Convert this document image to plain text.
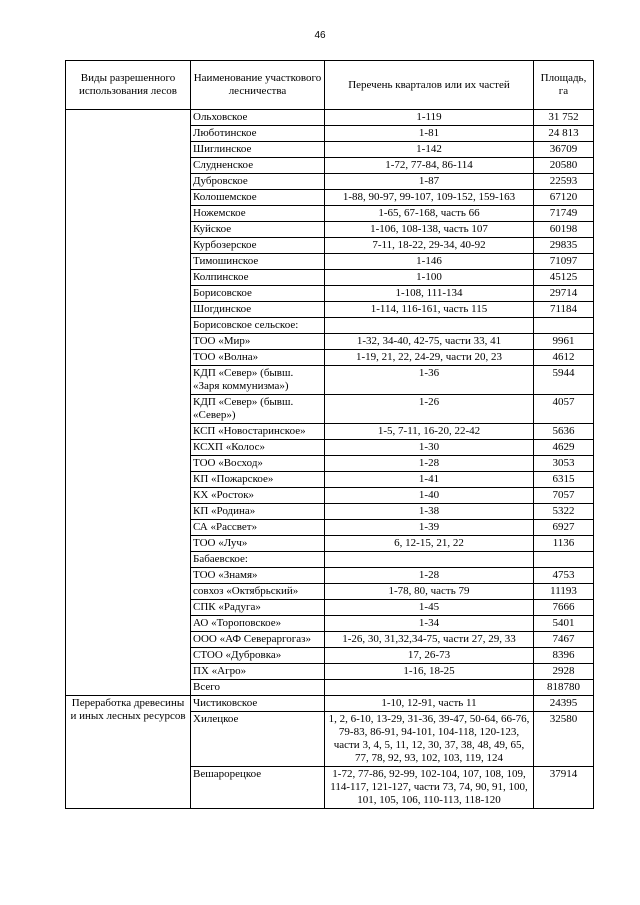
46
Виды разрешенного использования лесов	Наименование участкового лесничества	Перечень кварталов или их частей	Площадь, га
	Ольховское	1-119	31 752
	Любoтинское	1-81	24 813
	Шиглинское	1-142	36709
	Слудненское	1-72, 77-84, 86-114	20580
	Дубровское	1-87	22593
	Колошемское	1-88, 90-97, 99-107, 109-152, 159-163	67120
	Ножемское	1-65, 67-168, часть 66	71749
	Куйское	1-106, 108-138, часть 107	60198
	Курбозерское	7-11, 18-22, 29-34, 40-92	29835
	Тимошинское	1-146	71097
	Колпинское	1-100	45125
	Борисовское	1-108, 111-134	29714
	Шогдинское	1-114, 116-161, часть 115	71184
	Борисовское сельское:		
	ТОО «Мир»	1-32, 34-40, 42-75, части 33, 41	9961
	ТОО «Волна»	1-19, 21, 22, 24-29, части 20, 23	4612
	КДП «Север» (бывш. «Заря коммунизма»)	1-36	5944
	КДП «Север» (бывш. «Север»)	1-26	4057
	КСП «Новостаринское»	1-5, 7-11, 16-20, 22-42	5636
	КСХП «Колос»	1-30	4629
	ТОО «Восход»	1-28	3053
	КП «Пожарское»	1-41	6315
	КХ «Росток»	1-40	7057
	КП «Родина»	1-38	5322
	СА «Рассвет»	1-39	6927
	ТОО «Луч»	6, 12-15, 21, 22	1136
	Бабаевское:		
	ТОО «Знамя»	1-28	4753
	совхоз «Октябрьский»	1-78, 80, часть 79	11193
	СПК «Радуга»	1-45	7666
	АО «Тороповское»	1-34	5401
	ООО «АФ Севераргогаз»	1-26, 30, 31,32,34-75, части 27, 29, 33	7467
	СТОО «Дубровка»	17, 26-73	8396
	ПХ «Агро»	1-16, 18-25	2928
	Всего		818780
Переработка древесины и иных лесных ресурсов	Чистиковское	1-10, 12-91, часть 11	24395
	Хилецкое	1, 2, 6-10, 13-29, 31-36, 39-47, 50-64, 66-76, 79-83, 86-91, 94-101, 104-118, 120-123, части 3, 4, 5, 11, 12, 30, 37, 38, 48, 49, 65, 77, 78, 92, 93, 102, 103, 119, 124	32580
	Вешарорецкое	1-72, 77-86, 92-99, 102-104, 107, 108, 109, 114-117, 121-127, части 73, 74, 90, 91, 100, 101, 105, 106, 110-113, 118-120	37914
